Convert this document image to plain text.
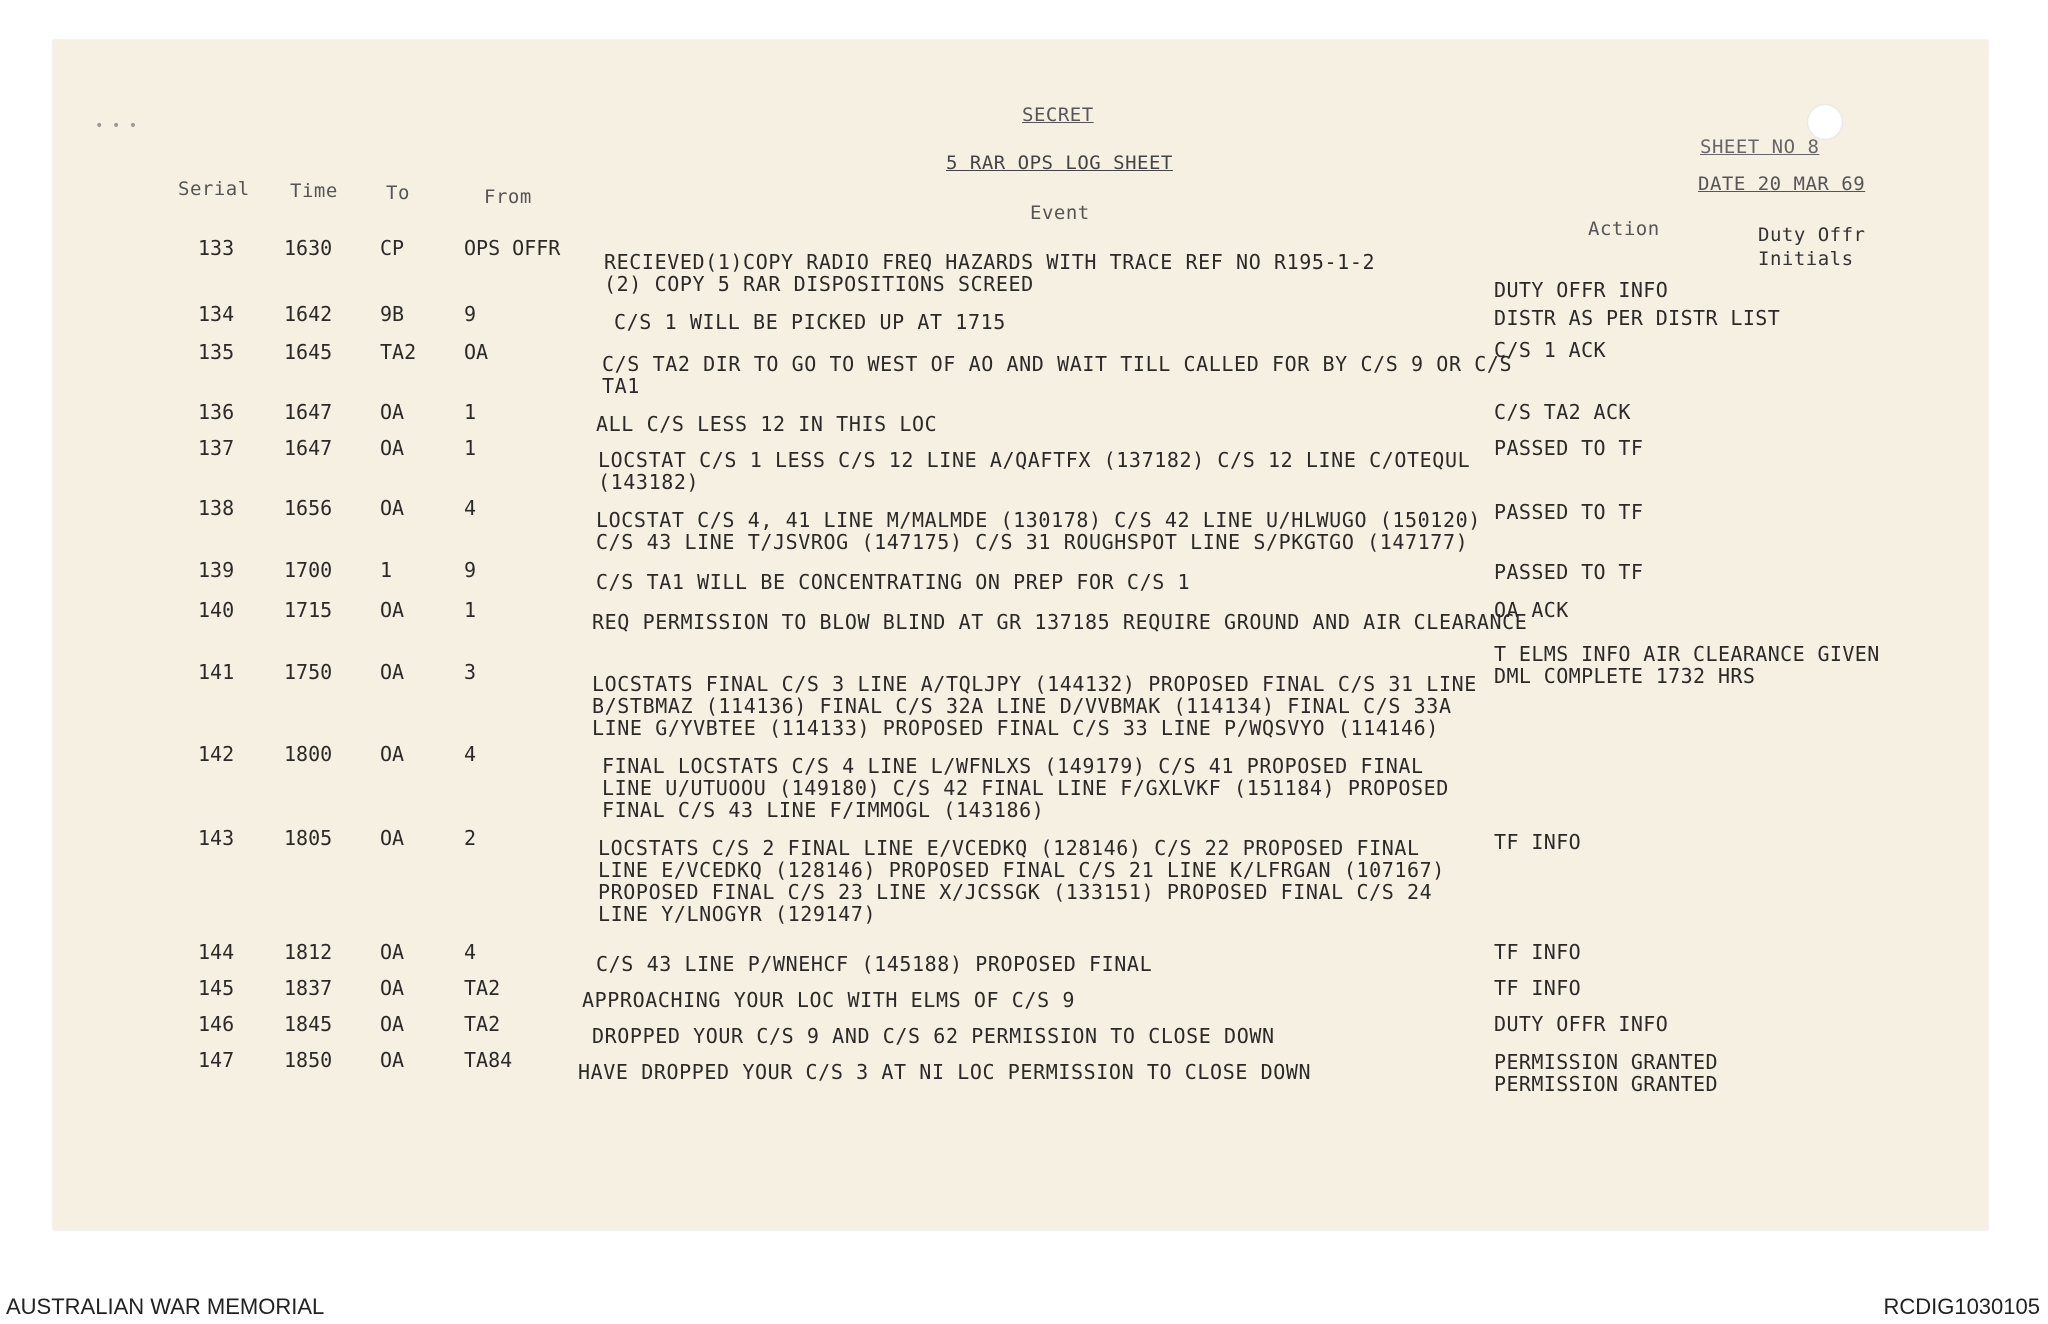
• • •	SECRET
5 RAR OPS LOG SHEET
SHEET NO 8
DATE 20 MAR 69
Serial Time	To	From
Event
Action	Duty Offr
Initials
133 1630 CP	OPS OFFR
RECIEVED(1)COPY RADIO FREQ HAZARDS WITH TRACE REF NO R195-1-2
(2) COPY 5 RAR DISPOSITIONS SCREED	DUTY OFFR INFO
134 1642 9B	9	C/S 1 WILL BE PICKED UP AT 1715	DISTR AS PER DISTR LIST
135 1645 TA2 OA	C/S TA2 DIR TO GO TO WEST OF AO AND WAIT TILL CALLED FOR BY C/S 9 OR C/S
TA1
C/S 1 ACK
136 1647 OA	1	ALL C/S LESS 12 IN THIS LOC	C/S TA2 ACK
137 1647 OA	1	LOCSTAT C/S 1 LESS C/S 12 LINE A/QAFTFX (137182) C/S 12 LINE C/OTEQUL
(143182)
PASSED TO TF
138 1656 OA	4	LOCSTAT C/S 4, 41 LINE M/MALMDE (130178) C/S 42 LINE U/HLWUGO (150120)
C/S 43 LINE T/JSVROG (147175) C/S 31 ROUGHSPOT LINE S/PKGTGO (147177)
PASSED TO TF
139 1700 1	9	C/S TA1 WILL BE CONCENTRATING ON PREP FOR C/S 1	PASSED TO TF
140 1715 OA	1	REQ PERMISSION TO BLOW BLIND AT GR 137185 REQUIRE GROUND AND AIR CLEARANCE
OA ACK
141 1750 OA	3	LOCSTATS FINAL C/S 3 LINE A/TQLJPY (144132) PROPOSED FINAL C/S 31 LINE
B/STBMAZ (114136) FINAL C/S 32A LINE D/VVBMAK (114134) FINAL C/S 33A
LINE G/YVBTEE (114133) PROPOSED FINAL C/S 33 LINE P/WQSVYO (114146)
T ELMS INFO AIR CLEARANCE GIVEN
DML COMPLETE 1732 HRS
142 1800 OA	4	FINAL LOCSTATS C/S 4 LINE L/WFNLXS (149179) C/S 41 PROPOSED FINAL
LINE U/UTUOOU (149180) C/S 42 FINAL LINE F/GXLVKF (151184) PROPOSED
FINAL C/S 43 LINE F/IMMOGL (143186)
143 1805 OA	2	LOCSTATS C/S 2 FINAL LINE E/VCEDKQ (128146) C/S 22 PROPOSED FINAL
LINE E/VCEDKQ (128146) PROPOSED FINAL C/S 21 LINE K/LFRGAN (107167)
PROPOSED FINAL C/S 23 LINE X/JCSSGK (133151) PROPOSED FINAL C/S 24
LINE Y/LNOGYR (129147)
TF INFO
144 1812 OA	4	C/S 43 LINE P/WNEHCF (145188) PROPOSED FINAL	TF INFO
145 1837 OA	TA2	APPROACHING YOUR LOC WITH ELMS OF C/S 9	TF INFO
146 1845 OA	TA2	DROPPED YOUR C/S 9 AND C/S 62 PERMISSION TO CLOSE DOWN	DUTY OFFR INFO
147 1850 OA	TA84	HAVE DROPPED YOUR C/S 3 AT NI LOC PERMISSION TO CLOSE DOWN	PERMISSION GRANTED
PERMISSION GRANTED
AUSTRALIAN WAR MEMORIAL	RCDIG1030105
